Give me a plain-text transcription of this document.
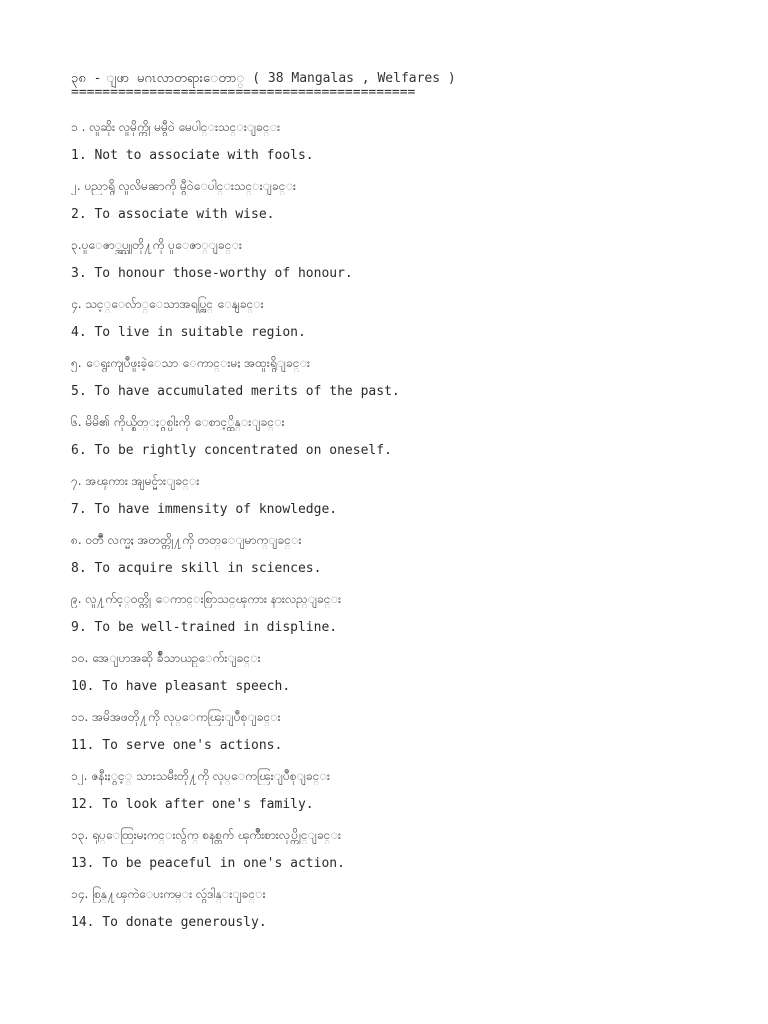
၃၈ - ျဖာ မဂၤလာတရားေတာ္ ( 38 Mangalas , Welfares )
============================================
၁ . လူဆိုး လူမိုက္ကို မမွီဝဲ မေပါင္းသင္းျခင္း
1. Not to associate with fools.
၂. ပညာရွိ လူလိမၼာကို မွီဝဲေပါင္းသင္းျခင္း
2. To associate with wise.
၃.ပူေဇာ္အပ္သူတို႔ကို ပူေဇာ္ျခင္း
3. To honour those-worthy of honour.
၄. သင့္ေလ်ာ္ေသာအရပ္တြင္ ေနျခင္း
4. To live in suitable region.
၅. ေရွးကျပဳဖူးခဲ့ေသာ ေကာင္းမႈ အထူးရွိျခင္း
5. To have accumulated merits of the past.
၆. မိမိ၏ ကိုယ္စိတ္ႏွစ္ပါးကို ေစာင့္ထိန္းျခင္း
6. To be rightly concentrated on oneself.
၇. အၾကား အျမင္မ်ားျခင္း
7. To have immensity of knowledge.
၈. ဝတၱဳ လက္မႈ အတတ္တို႔ကို တတ္ေျမာက္ျခင္း
8. To acquire skill in sciences.
၉. လူ႔က်င့္ဝတ္ကို ေကာင္းစြာသင္ၾကား နားလည္ျခင္း
9. To be well-trained in displine.
၁၀. အေျပာအဆို ခ်ိဳသာယဥ္ေက်းျခင္း
10. To have pleasant speech.
၁၁. အမိအဖတို႔ကို လုပ္ေကၽြးျပဳစုျခင္း
11. To serve one's actions.
၁၂. ဇနီးႏွင့္ သားသမီးတို႔ကို လုပ္ေကၽြးျပဳစုျခင္း
12. To look after one's family.
၁၃. ရုပ္ေထြးမႈကင္းလွ်က္ စနစ္တက် ၾကိဳးစားလုပ္ကိုင္ျခင္း
13. To be peaceful in one's action.
၁၄. စြန္႔ၾကဲေပးကမ္း လွဴဒါန္းျခင္း
14. To donate generously.
